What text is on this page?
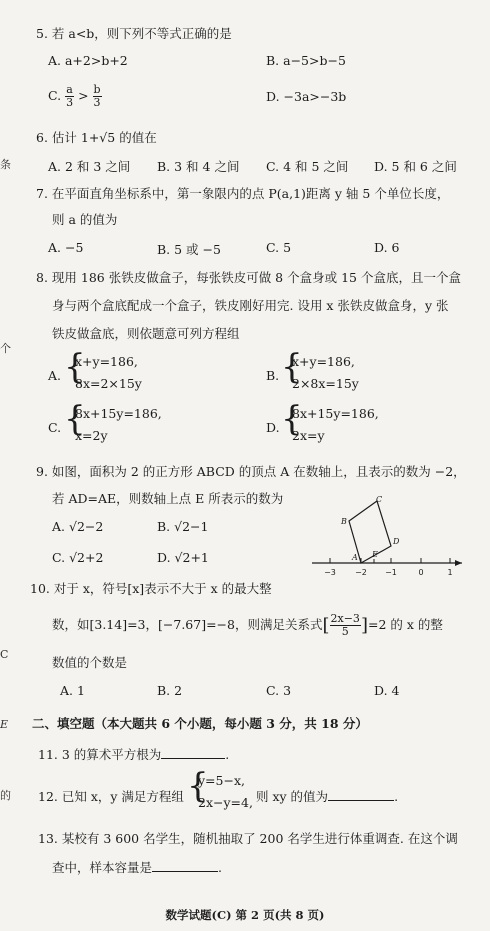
条
个
C
E
的
5. 若 a<b，则下列不等式正确的是
A. a+2>b+2	B. a−5>b−5
C. $\frac{a}{3} > \frac{b}{3}$	D. −3a>−3b
6. 估计 1+√5 的值在
A. 2 和 3 之间 B. 3 和 4 之间 C. 4 和 5 之间 D. 5 和 6 之间
7. 在平面直角坐标系中，第一象限内的点 P(a,1)距离 y 轴 5 个单位长度，
则 a 的值为
A. −5	B. 5 或 −5	C. 5	D. 6
8. 现用 186 张铁皮做盒子，每张铁皮可做 8 个盒身或 15 个盒底，且一个盒
身与两个盒底配成一个盒子，铁皮刚好用完. 设用 x 张铁皮做盒身，y 张
铁皮做盒底，则依题意可列方程组
A. {
x+y=186,
8x=2×15y
B. {
x+y=186,
2×8x=15y
C. {
8x+15y=186,
x=2y
D. {
8x+15y=186,
2x=y
9. 如图，面积为 2 的正方形 ABCD 的顶点 A 在数轴上，且表示的数为 −2，
若 AD=AE，则数轴上点 E 所表示的数为
A. √2−2	B. √2−1
C. √2+2	D. √2+1	A
B
C
D
E
−3 −2 −1	0	1
10. 对于 x，符号[x]表示不大于 x 的最大整
数，如[3.14]=3，[−7.67]=−8，则满足关系式[ $\frac{2x-3}{5} ]=2$ 的 x 的整
数值的个数是
A. 1	B. 2	C. 3	D. 4
二、填空题（本大题共 6 个小题，每小题 3 分，共 18 分）
11. 3 的算术平方根为	.
12. 已知 x，y 满足方程组 {
y=5−x,
2x−y=4, 则 xy 的值为	.
13. 某校有 3 600 名学生，随机抽取了 200 名学生进行体重调查. 在这个调
查中，样本容量是	.
数学试题(C) 第 2 页(共 8 页)
